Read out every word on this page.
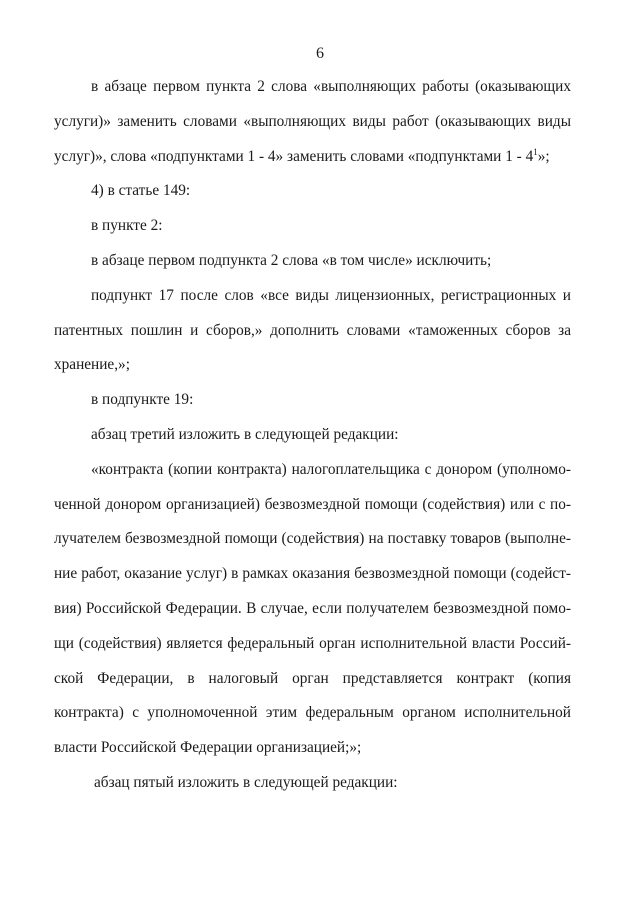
6

в абзаце первом пункта 2 слова «выполняющих работы (оказывающих услуги)» заменить словами «выполняющих виды работ (оказывающих виды услуг)», слова «подпунктами 1 - 4» заменить словами «подпунктами $1 - 4^1$»;

4) в статье 149:

в пункте 2:

в абзаце первом подпункта 2 слова «в том числе» исключить;

подпункт 17 после слов «все виды лицензионных, регистрационных и патентных пошлин и сборов,» дополнить словами «таможенных сборов за хранение,»;

в подпункте 19:

абзац третий изложить в следующей редакции:

«контракта (копии контракта) налогоплательщика с донором (уполномоченной донором организацией) безвозмездной помощи (содействия) или с получателем безвозмездной помощи (содействия) на поставку товаров (выполнение работ, оказание услуг) в рамках оказания безвозмездной помощи (содействия) Российской Федерации. В случае, если получателем безвозмездной помощи (содействия) является федеральный орган исполнительной власти Российской Федерации, в налоговый орган представляется контракт (копия контракта) с уполномоченной этим федеральным органом исполнительной власти Российской Федерации организацией;»;

абзац пятый изложить в следующей редакции:
